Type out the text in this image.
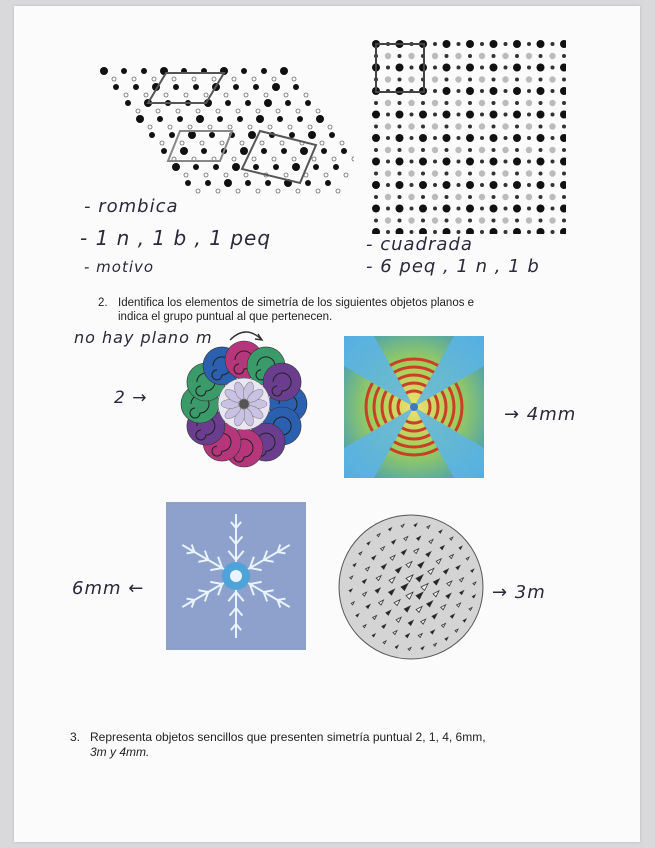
- rombica
- 1 n , 1 b , 1 peq
- motivo
- cuadrada
- 6 peq , 1 n , 1 b
2. Identifica los elementos de simetría de los siguientes objetos planos e
indica el grupo puntual al que pertenecen.
no hay plano m
2 →
→ 4mm
6mm ←	→ 3m
3. Representa objetos sencillos que presenten simetría puntual 2, 1, 4, 6mm,
3m y 4mm.
